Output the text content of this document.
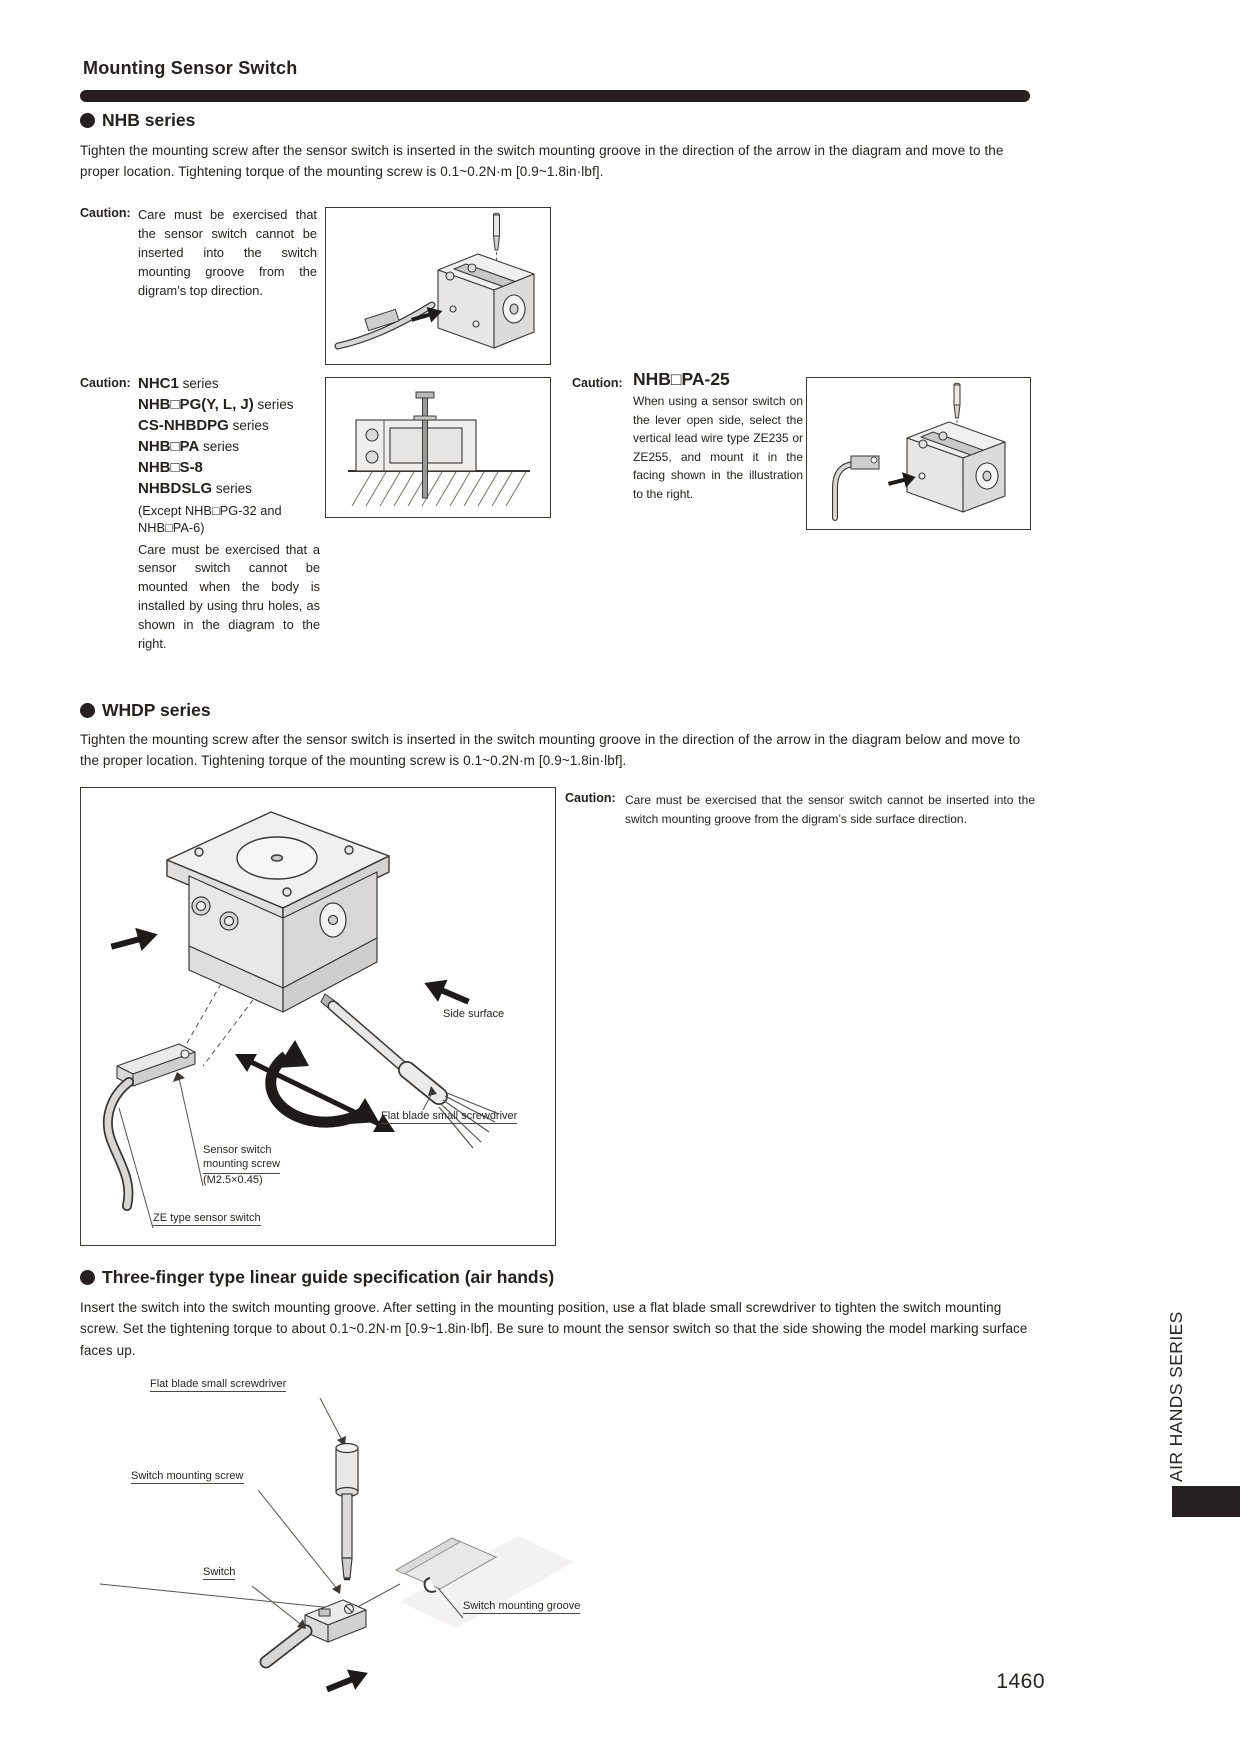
Mounting Sensor Switch
NHB series
Tighten the mounting screw after the sensor switch is inserted in the switch mounting groove in the direction of the arrow in the diagram and move to the proper location. Tightening torque of the mounting screw is 0.1~0.2N·m [0.9~1.8in·lbf].
Caution: Care must be exercised that the sensor switch cannot be inserted into the switch mounting groove from the digram’s top direction.
Caution: NHC1 series
NHB□PG(Y, L, J) series
CS-NHBDPG series
NHB□PA series
NHB□S-8
NHBDSLG series
(Except NHB□PG-32 and NHB□PA-6)
Care must be exercised that a sensor switch cannot be mounted when the body is installed by using thru holes, as shown in the diagram to the right.
Caution: NHB□PA-25
When using a sensor switch on the lever open side, select the vertical lead wire type ZE235 or ZE255, and mount it in the facing shown in the illustration to the right.
WHDP series
Tighten the mounting screw after the sensor switch is inserted in the switch mounting groove in the direction of the arrow in the diagram below and move to the proper location. Tightening torque of the mounting screw is 0.1~0.2N·m [0.9~1.8in·lbf].
Caution: Care must be exercised that the sensor switch cannot be inserted into the switch mounting groove from the digram’s side surface direction.
Side surface
Flat blade small screwdriver
Sensor switch
mounting screw
(M2.5×0.45)
ZE type sensor switch
Three-finger type linear guide specification (air hands)
Insert the switch into the switch mounting groove. After setting in the mounting position, use a flat blade small screwdriver to tighten the switch mounting screw. Set the tightening torque to about 0.1~0.2N·m [0.9~1.8in·lbf]. Be sure to mount the sensor switch so that the side showing the model marking surface faces up.
Flat blade small screwdriver
Switch mounting screw
Switch
Switch mounting groove
AIR HANDS SERIES
1460
